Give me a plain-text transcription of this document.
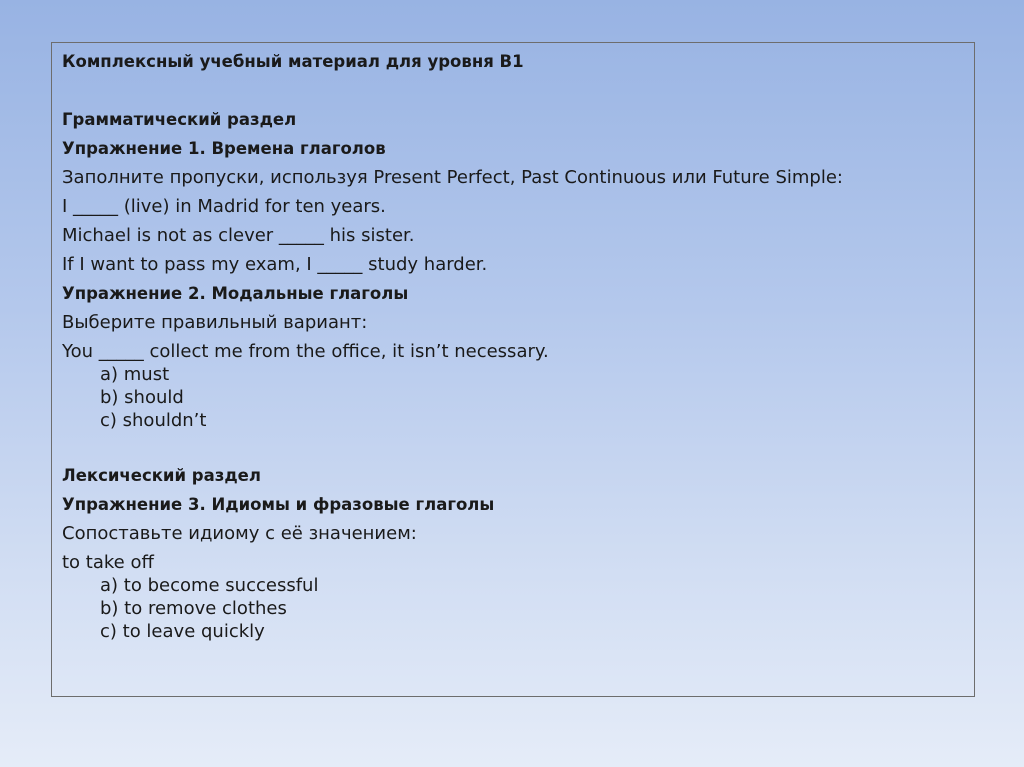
Комплексный учебный материал для уровня В1
Грамматический раздел
Упражнение 1. Времена глаголов
Заполните пропуски, используя Present Perfect, Past Continuous или Future Simple:
I _____ (live) in Madrid for ten years.
Michael is not as clever _____ his sister.
If I want to pass my exam, I _____ study harder.
Упражнение 2. Модальные глаголы
Выберите правильный вариант:
You _____ collect me from the office, it isn’t necessary.
a) must
b) should
c) shouldn’t
Лексический раздел
Упражнение 3. Идиомы и фразовые глаголы
Сопоставьте идиому с её значением:
to take off
a) to become successful
b) to remove clothes
c) to leave quickly
